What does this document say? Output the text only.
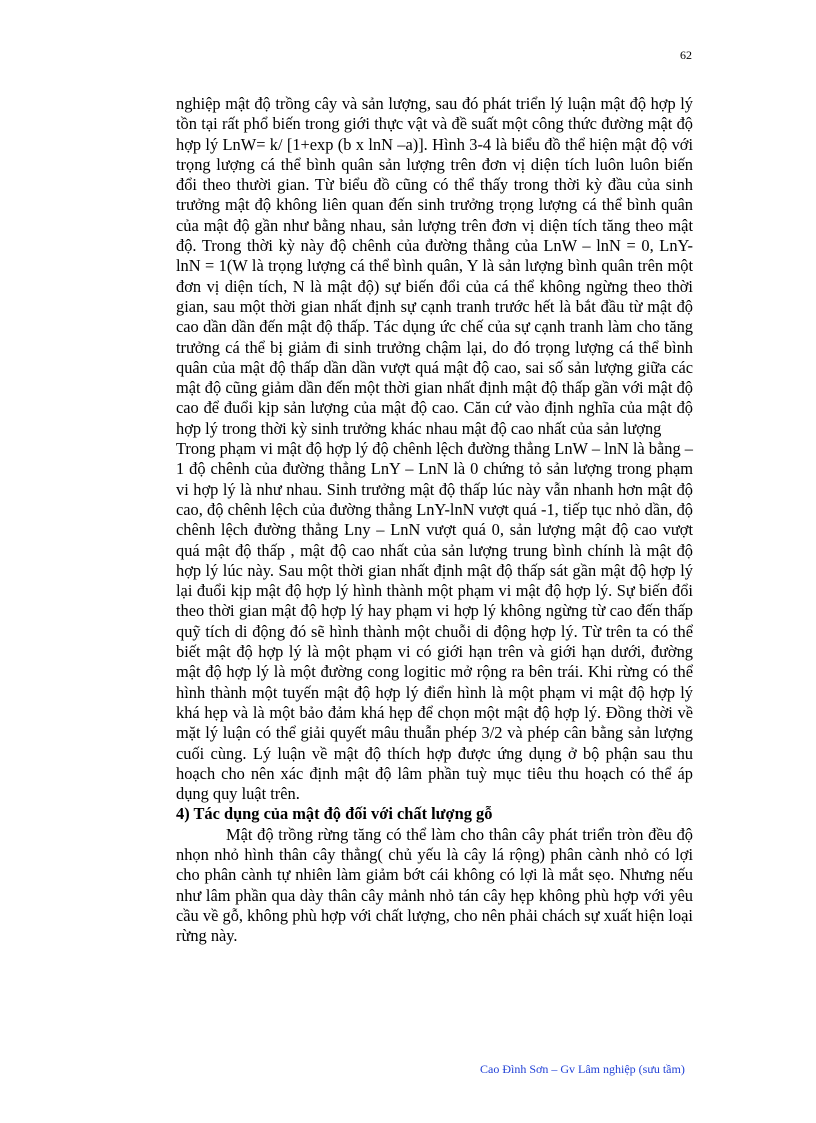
62

nghiệp mật độ trồng cây và sản lượng, sau đó phát triển lý luận mật độ hợp lý tồn tại rất phổ biến trong giới thực vật và đề suất một công thức đường mật độ hợp lý LnW= k/ [1+exp (b x lnN –a)]. Hình 3-4 là biểu đồ thể hiện mật độ với trọng lượng cá thể bình quân sản lượng trên đơn vị diện tích luôn luôn biến đổi theo thười gian. Từ biểu đồ cũng có thể thấy trong thời kỳ đầu của sinh trưởng mật độ không liên quan đến sinh trưởng trọng lượng cá thể bình quân của mật độ gần như bằng nhau, sản lượng trên đơn vị diện tích tăng theo mật độ. Trong thời kỳ này độ chênh của đường thẳng của LnW – lnN = 0, LnY- lnN = 1(W là trọng lượng cá thể bình quân, Y là sản lượng bình quân trên một đơn vị diện tích, N là mật độ) sự biến đổi của cá thể không ngừng theo thời gian, sau một thời gian nhất định sự cạnh tranh trước hết là bắt đầu từ mật độ cao dần dần đến mật độ thấp. Tác dụng ức chế của sự cạnh tranh làm cho tăng trưởng cá thể bị giảm đi sinh trưởng chậm lại, do đó trọng lượng cá thể bình quân của mật độ thấp dần dần vượt quá mật độ cao, sai số sản lượng giữa các mật độ cũng giảm dần đến một thời gian nhất định mật độ thấp gần với mật độ cao để đuổi kịp sản lượng của mật độ cao. Căn cứ vào định nghĩa của mật độ hợp lý trong thời kỳ sinh trưởng khác nhau mật độ cao nhất của sản lượng

Trong phạm vi mật độ hợp lý độ chênh lệch đường thẳng LnW – lnN là bằng –1 độ chênh của đường thẳng LnY – LnN là 0 chứng tỏ sản lượng trong phạm vi hợp lý là như nhau. Sinh trưởng mật độ thấp lúc này vẫn nhanh hơn mật độ cao, độ chênh lệch của đường thẳng LnY-lnN vượt quá -1, tiếp tục nhỏ dần, độ chênh lệch đường thẳng Lny – LnN vượt quá 0, sản lượng mật độ cao vượt quá mật độ thấp , mật độ cao nhất của sản lượng trung bình chính là mật độ hợp lý lúc này. Sau một thời gian nhất định mật độ thấp sát gần mật độ hợp lý lại đuổi kịp mật độ hợp lý hình thành một phạm vi mật độ hợp lý. Sự biến đổi theo thời gian mật độ hợp lý hay phạm vi hợp lý không ngừng từ cao đến thấp quỹ tích di động đó sẽ hình thành một chuỗi di động hợp lý. Từ trên ta có thể biết mật độ hợp lý là một phạm vi có giới hạn trên và giới hạn dưới, đường mật độ hợp lý là một đường cong logitic mở rộng ra bên trái. Khi rừng có thể hình thành một tuyến mật độ hợp lý điển hình là một phạm vi mật độ hợp lý khá hẹp và là một bảo đảm khá hẹp để chọn một mật độ hợp lý. Đồng thời về mặt lý luận có thể giải quyết mâu thuẫn phép 3/2 và phép cân bằng sản lượng cuối cùng. Lý luận về mật độ thích hợp được ứng dụng ở bộ phận sau thu hoạch cho nên xác định mật độ lâm phần tuỳ mục tiêu thu hoạch có thể áp dụng quy luật trên.

4) Tác dụng của mật độ đối với chất lượng gỗ

Mật độ trồng rừng tăng có thể làm cho thân cây phát triển tròn đều độ nhọn nhỏ hình thân cây thẳng( chủ yếu là cây lá rộng) phân cành nhỏ có lợi cho phân cành tự nhiên làm giảm bớt cái không có lợi là mắt sẹo. Nhưng nếu như lâm phần qua dày thân cây mảnh nhỏ tán cây hẹp không phù hợp với yêu cầu về gỗ, không phù hợp với chất lượng, cho nên phải chách sự xuất hiện loại rừng này.

Cao Đình Sơn – Gv Lâm nghiệp (sưu tầm)
